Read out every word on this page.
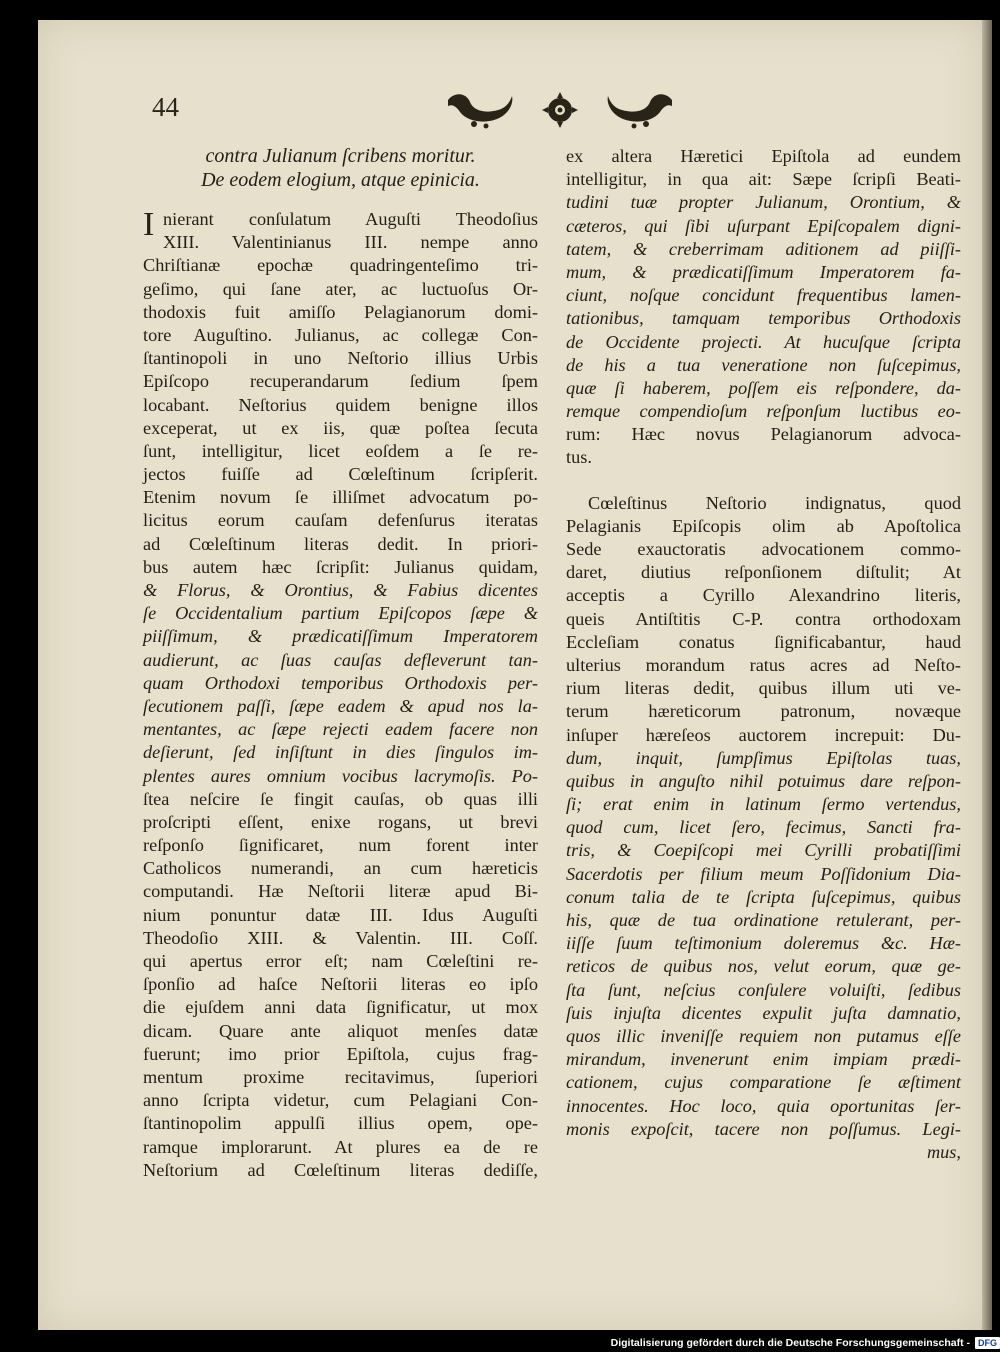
44
contra Julianum ſcribens moritur.
De eodem elogium, atque epinicia.
I nierant conſulatum Auguſti Theodoſius
XIII. Valentinianus III. nempe anno
Chriſtianæ epochæ quadringenteſimo tri-
geſimo, qui ſane ater, ac luctuoſus Or-
thodoxis fuit amiſſo Pelagianorum domi-
tore Auguſtino. Julianus, ac collegæ Con-
ſtantinopoli in uno Neſtorio illius Urbis
Epiſcopo recuperandarum ſedium ſpem
locabant. Neſtorius quidem benigne illos
exceperat, ut ex iis, quæ poſtea ſecuta
ſunt, intelligitur, licet eoſdem a ſe re-
jectos fuiſſe ad Cœleſtinum ſcripſerit.
Etenim novum ſe illiſmet advocatum po-
licitus eorum cauſam defenſurus iteratas
ad Cœleſtinum literas dedit. In priori-
bus autem hæc ſcripſit: Julianus quidam,
& Florus, & Orontius, & Fabius dicentes
ſe Occidentalium partium Epiſcopos ſæpe &
piiſſimum, & prædicatiſſimum Imperatorem
audierunt, ac ſuas cauſas defleverunt tan-
quam Orthodoxi temporibus Orthodoxis per-
ſecutionem paſſi, ſæpe eadem & apud nos la-
mentantes, ac ſæpe rejecti eadem facere non
deſierunt, ſed inſiſtunt in dies ſingulos im-
plentes aures omnium vocibus lacrymoſis. Po-
ſtea neſcire ſe fingit cauſas, ob quas illi
proſcripti eſſent, enixe rogans, ut brevi
reſponſo ſignificaret, num forent inter
Catholicos numerandi, an cum hæreticis
computandi. Hæ Neſtorii literæ apud Bi-
nium ponuntur datæ III. Idus Auguſti
Theodoſio XIII. & Valentin. III. Coſſ.
qui apertus error eſt; nam Cœleſtini re-
ſponſio ad haſce Neſtorii literas eo ipſo
die ejuſdem anni data ſignificatur, ut mox
dicam. Quare ante aliquot menſes datæ
fuerunt; imo prior Epiſtola, cujus frag-
mentum proxime recitavimus, ſuperiori
anno ſcripta videtur, cum Pelagiani Con-
ſtantinopolim appulſi illius opem, ope-
ramque implorarunt. At plures ea de re
Neſtorium ad Cœleſtinum literas dediſſe,
ex altera Hæretici Epiſtola ad eundem
intelligitur, in qua ait: Sæpe ſcripſi Beati-
tudini tuæ propter Julianum, Orontium, &
cæteros, qui ſibi uſurpant Epiſcopalem digni-
tatem, & creberrimam aditionem ad piiſſi-
mum, & prædicatiſſimum Imperatorem fa-
ciunt, noſque concidunt frequentibus lamen-
tationibus, tamquam temporibus Orthodoxis
de Occidente projecti. At hucuſque ſcripta
de his a tua veneratione non ſuſcepimus,
quæ ſi haberem, poſſem eis reſpondere, da-
remque compendioſum reſponſum luctibus eo-
rum: Hæc novus Pelagianorum advoca-
tus.
Cœleſtinus Neſtorio indignatus, quod
Pelagianis Epiſcopis olim ab Apoſtolica
Sede exauctoratis advocationem commo-
daret, diutius reſponſionem diſtulit; At
acceptis a Cyrillo Alexandrino literis,
queis Antiſtitis C-P. contra orthodoxam
Eccleſiam conatus ſignificabantur, haud
ulterius morandum ratus acres ad Neſto-
rium literas dedit, quibus illum uti ve-
terum hæreticorum patronum, novæque
inſuper hæreſeos auctorem increpuit: Du-
dum, inquit, ſumpſimus Epiſtolas tuas,
quibus in anguſto nihil potuimus dare reſpon-
ſi; erat enim in latinum ſermo vertendus,
quod cum, licet ſero, fecimus, Sancti fra-
tris, & Coepiſcopi mei Cyrilli probatiſſimi
Sacerdotis per filium meum Poſſidonium Dia-
conum talia de te ſcripta ſuſcepimus, quibus
his, quæ de tua ordinatione retulerant, per-
iiſſe ſuum teſtimonium doleremus &c. Hæ-
reticos de quibus nos, velut eorum, quæ ge-
ſta ſunt, neſcius conſulere voluiſti, ſedibus
ſuis injuſta dicentes expulit juſta damnatio,
quos illic inveniſſe requiem non putamus eſſe
mirandum, invenerunt enim impiam prædi-
cationem, cujus comparatione ſe æſtiment
innocentes. Hoc loco, quia oportunitas ſer-
monis expoſcit, tacere non poſſumus. Legi-
mus,
Digitalisierung gefördert durch die Deutsche Forschungsgemeinschaft - DFG
